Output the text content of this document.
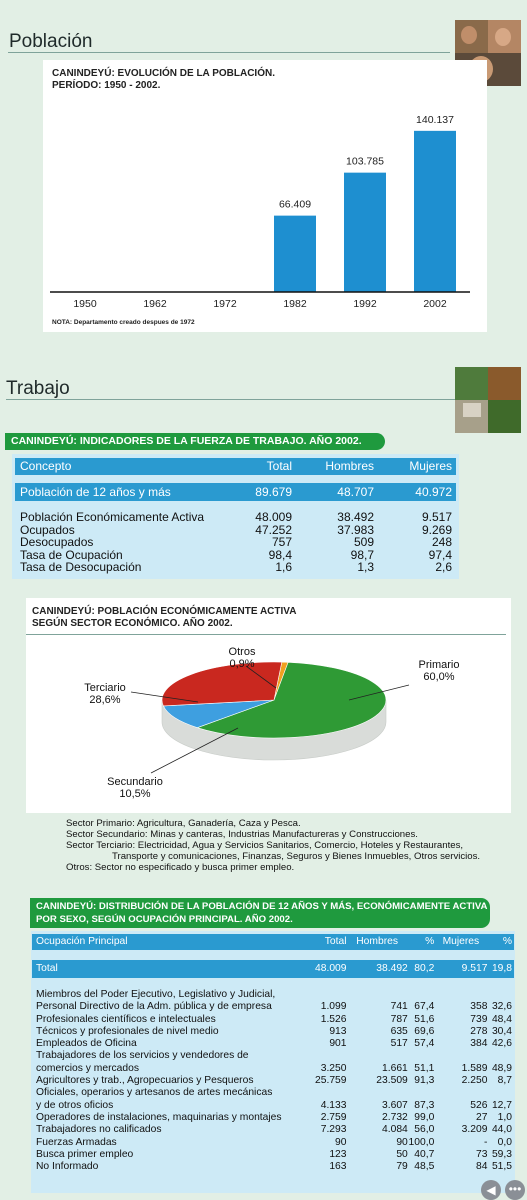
Población
CANINDEYÚ: EVOLUCIÓN DE LA POBLACIÓN.
PERÍODO: 1950 - 2002.
1950	1962	1972
66.409
1982
103.785
1992
140.137
2002
NOTA: Departamento creado despues de 1972
Trabajo
CANINDEYÚ: INDICADORES DE LA FUERZA DE TRABAJO. AÑO 2002.
Concepto	Total	Hombres	Mujeres
Población de 12 años y más	89.679	48.707	40.972
Población Económicamente Activa	48.009	38.492	9.517
Ocupados	47.252	37.983	9.269
Desocupados	757	509	248
Tasa de Ocupación	98,4	98,7	97,4
Tasa de Desocupación	1,6	1,3	2,6
CANINDEYÚ: POBLACIÓN ECONÓMICAMENTE ACTIVA
SEGÚN SECTOR ECONÓMICO. AÑO 2002.
Primario
60,0%
Otros
0,9%
Terciario
28,6%
Secundario
10,5%
Sector Primario: Agricultura, Ganadería, Caza y Pesca.
Sector Secundario: Minas y canteras, Industrias Manufactureras y Construcciones.
Sector Terciario: Electricidad, Agua y Servicios Sanitarios, Comercio, Hoteles y Restaurantes,
Transporte y comunicaciones, Finanzas, Seguros y Bienes Inmuebles, Otros servicios.
Otros: Sector no especificado y busca primer empleo.
CANINDEYÚ: DISTRIBUCIÓN DE LA POBLACIÓN DE 12 AÑOS Y MÁS, ECONÓMICAMENTE ACTIVA
POR SEXO, SEGÚN OCUPACIÓN PRINCIPAL. AÑO 2002.
Ocupación Principal	Total	Hombres	%	Mujeres	%
Total	48.009	38.492	80,2	9.517	19,8
Miembros del Poder Ejecutivo, Legislativo y Judicial,					
Personal Directivo de la Adm. pública y de empresa	1.099	741	67,4	358	32,6
Profesionales científicos e intelectuales	1.526	787	51,6	739	48,4
Técnicos y profesionales de nivel medio	913	635	69,6	278	30,4
Empleados de Oficina	901	517	57,4	384	42,6
Trabajadores de los servicios y vendedores de					
comercios y mercados	3.250	1.661	51,1	1.589	48,9
Agricultores y trab., Agropecuarios y Pesqueros	25.759	23.509	91,3	2.250	8,7
Oficiales, operarios y artesanos de artes mecánicas					
y de otros oficios	4.133	3.607	87,3	526	12,7
Operadores de instalaciones, maquinarias y montajes	2.759	2.732	99,0	27	1,0
Trabajadores no calificados	7.293	4.084	56,0	3.209	44,0
Fuerzas Armadas	90	90	100,0	-	0,0
Busca primer empleo	123	50	40,7	73	59,3
No Informado	163	79	48,5	84	51,5
◀	•••
